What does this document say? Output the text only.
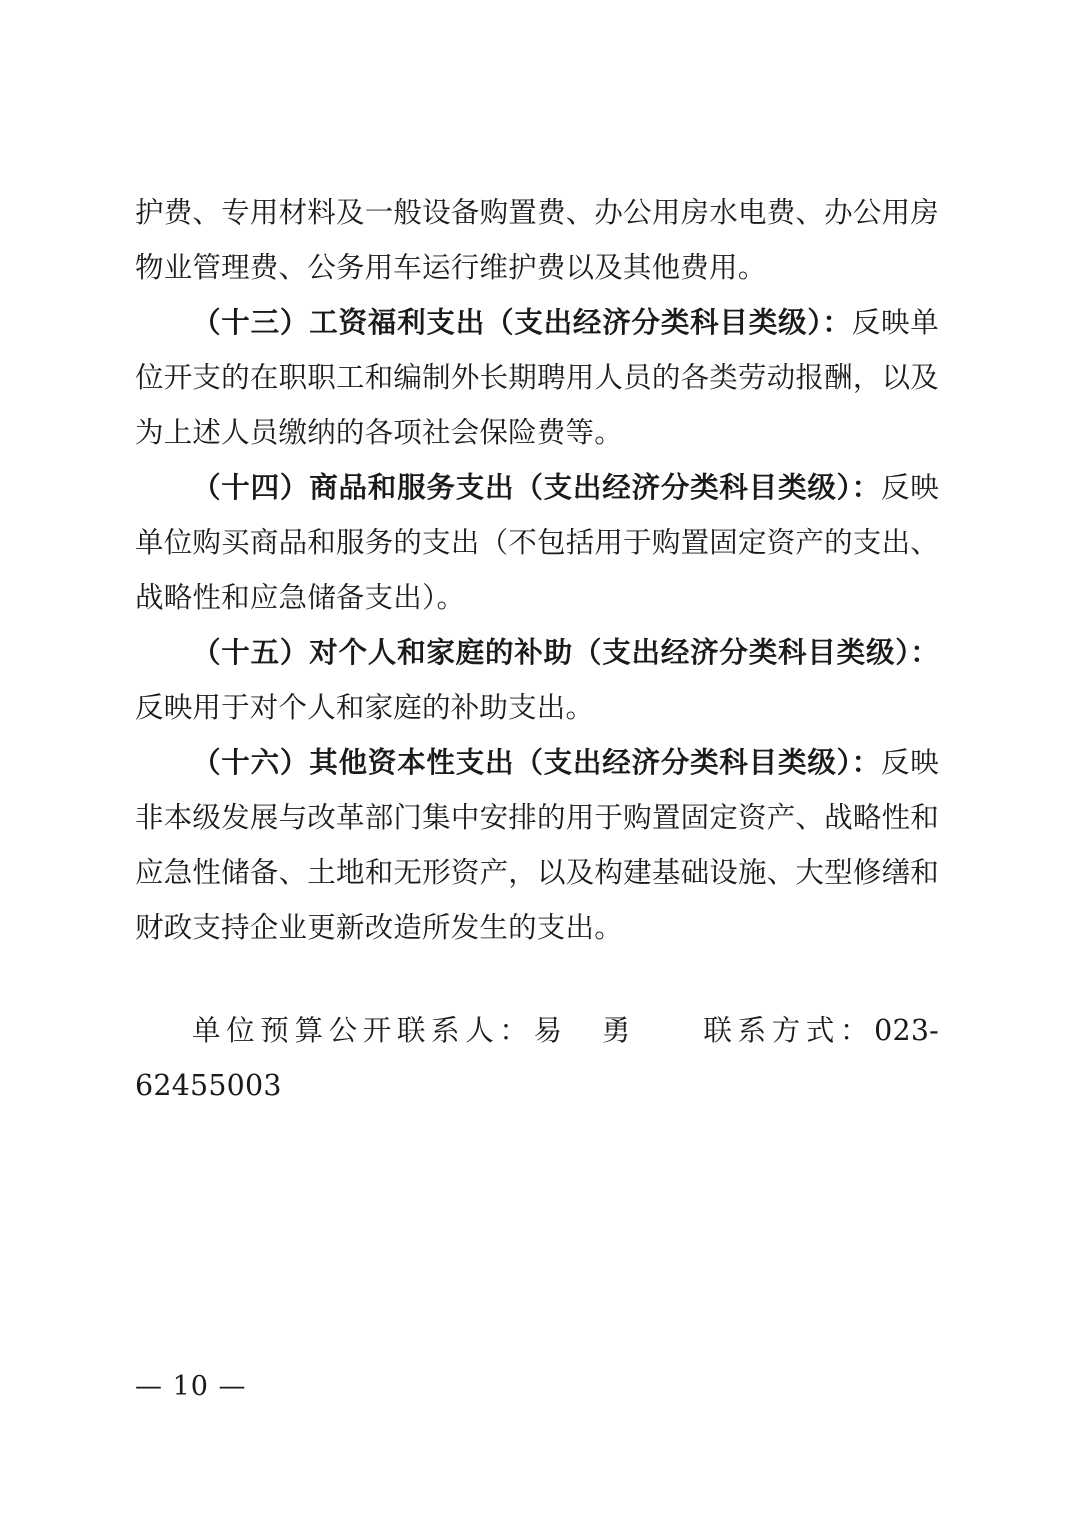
护费、专用材料及一般设备购置费、办公用房水电费、办公用房物业管理费、公务用车运行维护费以及其他费用。

（十三）工资福利支出（支出经济分类科目类级）：反映单位开支的在职职工和编制外长期聘用人员的各类劳动报酬，以及为上述人员缴纳的各项社会保险费等。

（十四）商品和服务支出（支出经济分类科目类级）：反映单位购买商品和服务的支出（不包括用于购置固定资产的支出、战略性和应急储备支出）。

（十五）对个人和家庭的补助（支出经济分类科目类级）：反映用于对个人和家庭的补助支出。

（十六）其他资本性支出（支出经济分类科目类级）：反映非本级发展与改革部门集中安排的用于购置固定资产、战略性和应急性储备、土地和无形资产，以及构建基础设施、大型修缮和财政支持企业更新改造所发生的支出。

单位预算公开联系人：易　勇 联系方式：023-62455003
— 10 —
